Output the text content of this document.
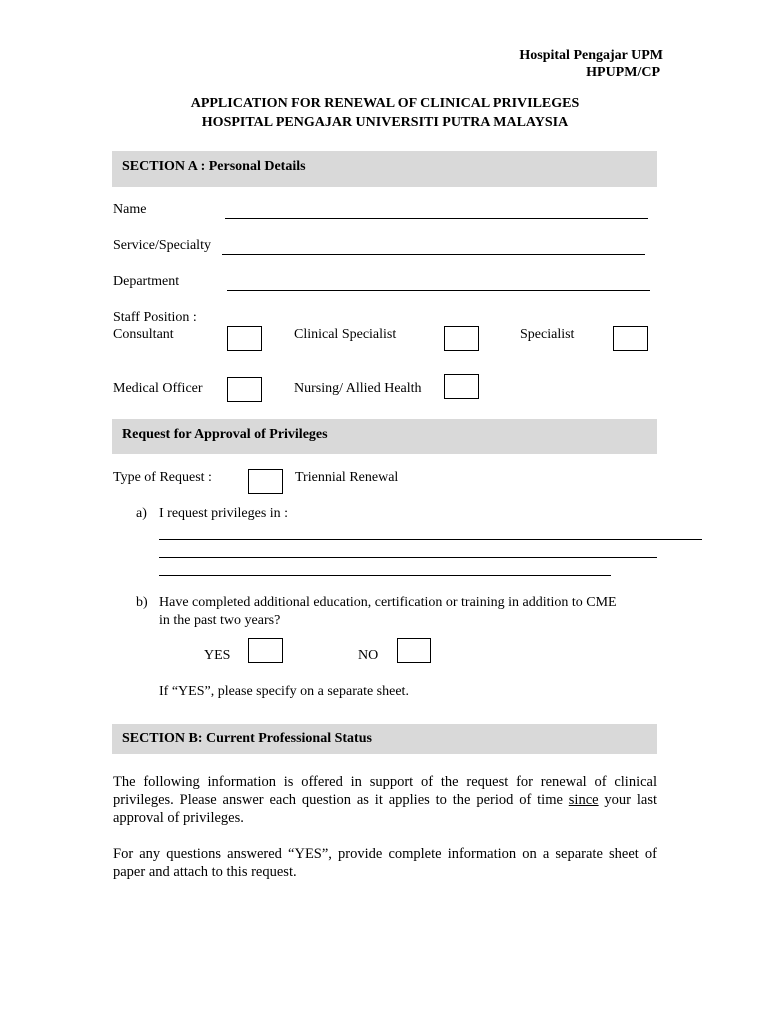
Hospital Pengajar UPM
HPUPM/CP
APPLICATION FOR RENEWAL OF CLINICAL PRIVILEGES
HOSPITAL PENGAJAR UNIVERSITI PUTRA MALAYSIA
SECTION A : Personal Details
Name
Service/Specialty
Department
Staff Position :
Consultant	Clinical Specialist	Specialist
Medical Officer	Nursing/ Allied Health
Request for Approval of Privileges
Type of Request :	Triennial Renewal
a) I request privileges in :
b) Have completed additional education, certification or training in addition to CME
in the past two years?
YES	NO
If “YES”, please specify on a separate sheet.
SECTION B: Current Professional Status
The following information is offered in support of the request for renewal of clinical
privileges. Please answer each question as it applies to the period of time since your last
approval of privileges.
For any questions answered “YES”, provide complete information on a separate sheet of
paper and attach to this request.
